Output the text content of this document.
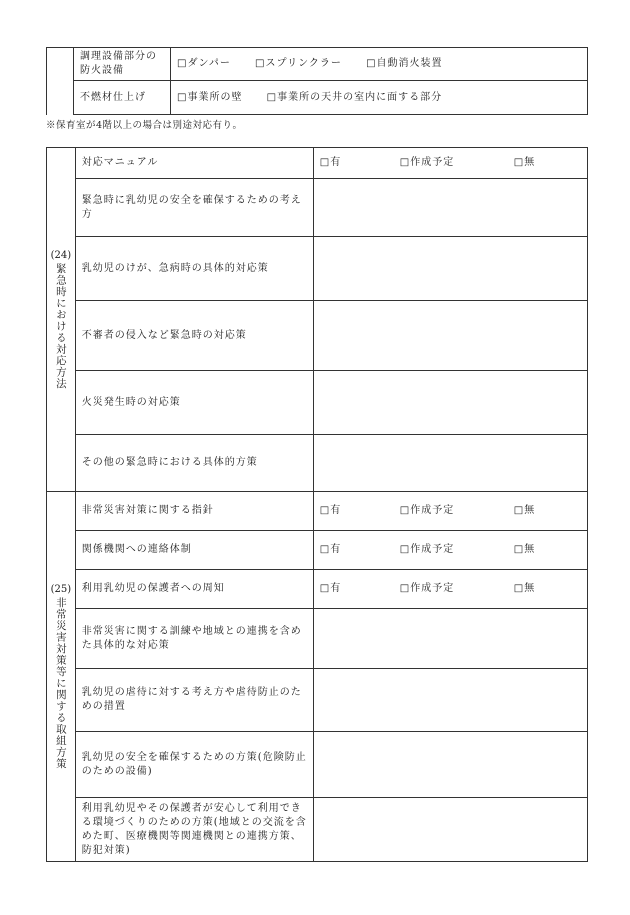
	調理設備部分の防火設備	□ダンパー □スプリンクラー □自動消火装置
	不燃材仕上げ	□事業所の壁 □事業所の天井の室内に面する部分
※保育室が4階以上の場合は別途対応有り。
(24)
緊急時における対応方法	対応マニュアル	□有 □作成予定 □無
	緊急時に乳幼児の安全を確保するための考え方	
	乳幼児のけが、急病時の具体的対応策	
	不審者の侵入など緊急時の対応策	
	火災発生時の対応策	
	その他の緊急時における具体的方策	

(25)
非常災害対策等に関する取組方策	非常災害対策に関する指針	□有 □作成予定 □無
	関係機関への連絡体制	□有 □作成予定 □無
	利用乳幼児の保護者への周知	□有 □作成予定 □無
	非常災害に関する訓練や地域との連携を含めた具体的な対応策	
	乳幼児の虐待に対する考え方や虐待防止のための措置	
	乳幼児の安全を確保するための方策(危険防止のための設備)	
	利用乳幼児やその保護者が安心して利用できる環境づくりのための方策(地域との交流を含めた町、医療機関等関連機関との連携方策、防犯対策)	
